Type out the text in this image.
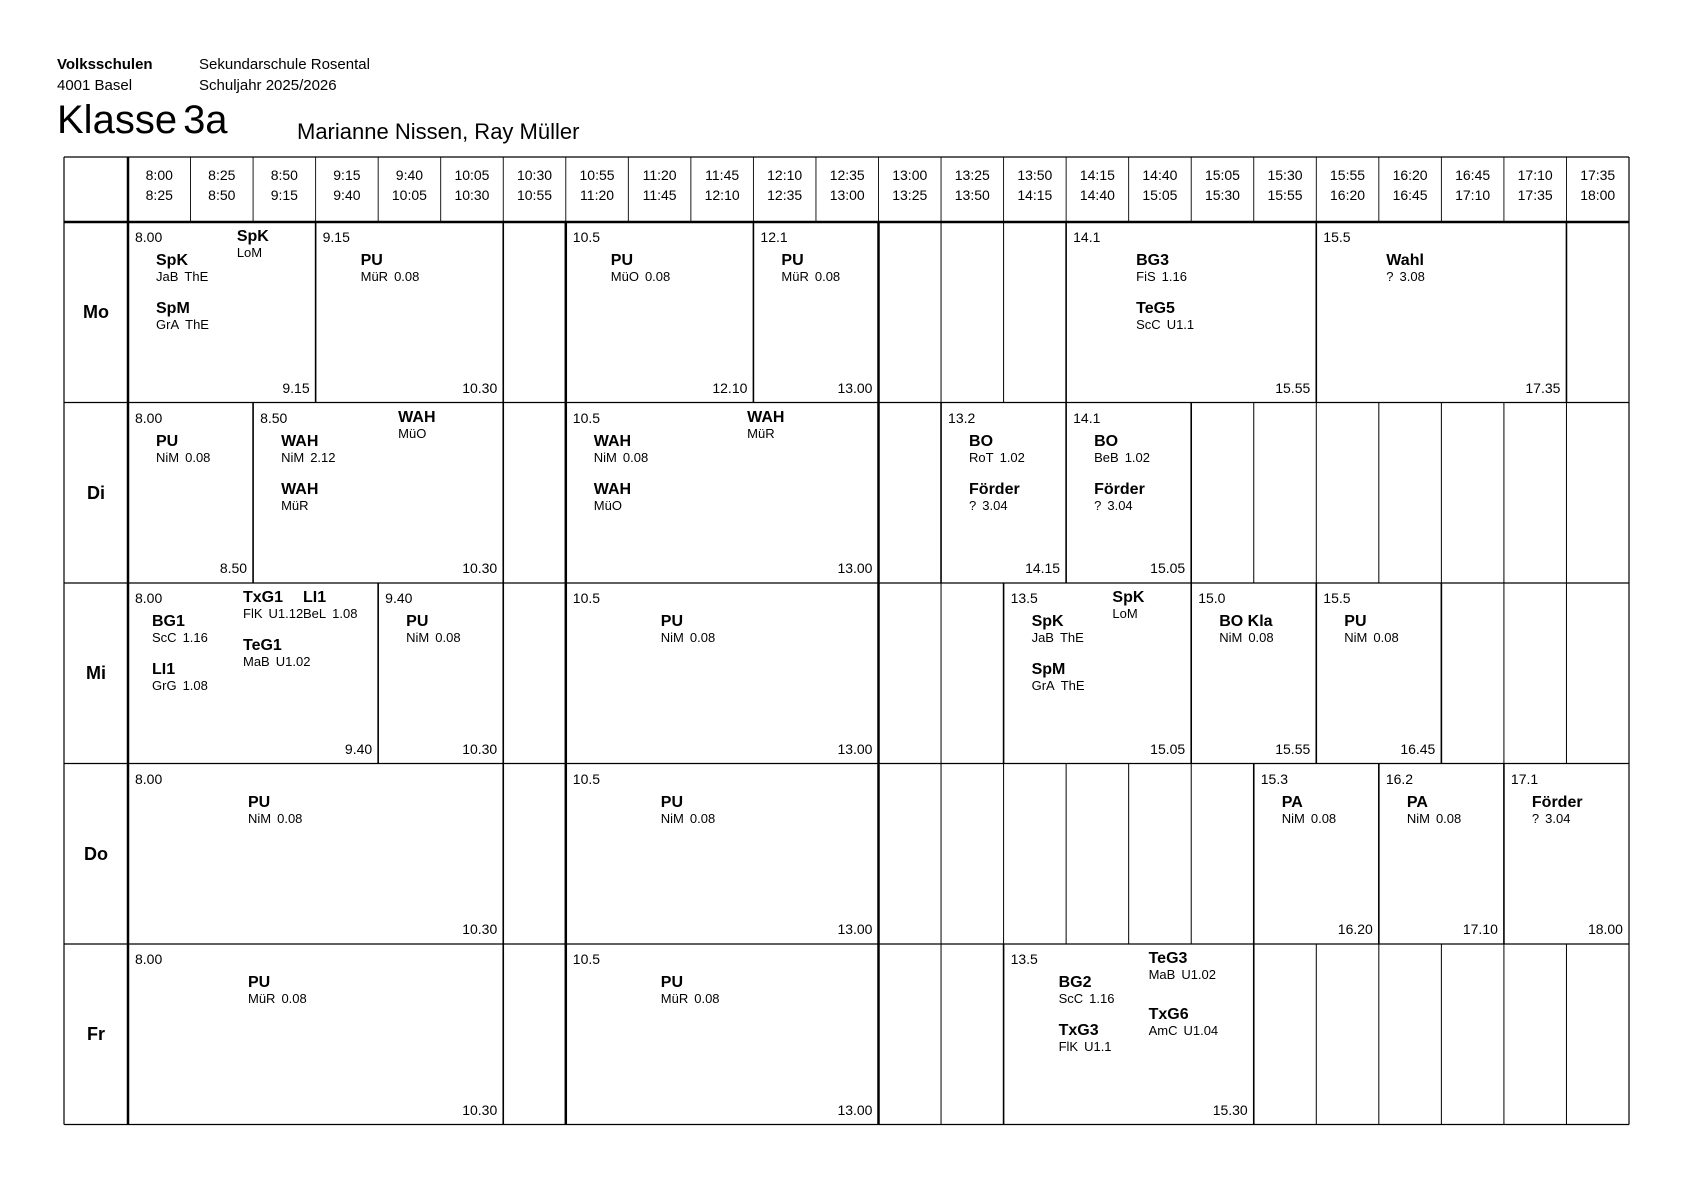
Volksschulen
4001 Basel
Sekundarschule Rosental
Schuljahr 2025/2026
Klasse 3a	Marianne Nissen, Ray Müller
8:00
8:25
8:25
8:50
8:50
9:15
9:15
9:40
9:40
10:05
10:05
10:30
10:30
10:55
10:55
11:20
11:20
11:45
11:45
12:10
12:10
12:35
12:35
13:00
13:00
13:25
13:25
13:50
13:50
14:15
14:15
14:40
14:40
15:05
15:05
15:30
15:30
15:55
15:55
16:20
16:20
16:45
16:45
17:10
17:10
17:35
17:35
18:00
Mo
8.00
9.15
SpK
JaB ThE
SpM
GrA ThE
SpK
LoM
9.15
10.30
PU
MüR 0.08
10.5
12.10
PU
MüO 0.08
12.1
13.00
PU
MüR 0.08
14.1
15.55
BG3
FiS 1.16
TeG5
ScC U1.1
15.5
17.35
Wahl
? 3.08
Di
8.00
8.50
PU
NiM 0.08
8.50
10.30
WAH
NiM 2.12
WAH
MüR
WAH
MüO
10.5
13.00
WAH
NiM 0.08
WAH
MüO
WAH
MüR
13.2
14.15
BO
RoT 1.02
Förder
? 3.04
14.1
15.05
BO
BeB 1.02
Förder
? 3.04
Mi
8.00
9.40
BG1
ScC 1.16
LI1
GrG 1.08
TxG1
FlK U1.12
LI1
BeL 1.08
TeG1
MaB U1.02
9.40
10.30
PU
NiM 0.08
10.5
13.00
PU
NiM 0.08
13.5
15.05
SpK
JaB ThE
SpM
GrA ThE
SpK
LoM
15.0
15.55
BO Kla
NiM 0.08
15.5
16.45
PU
NiM 0.08
Do
8.00
10.30
PU
NiM 0.08
10.5
13.00
PU
NiM 0.08
15.3
16.20
PA
NiM 0.08
16.2
17.10
PA
NiM 0.08
17.1
18.00
Förder
? 3.04
Fr
8.00
10.30
PU
MüR 0.08
10.5
13.00
PU
MüR 0.08
13.5
15.30
BG2
ScC 1.16
TxG3
FlK U1.1
TeG3
MaB U1.02
TxG6
AmC U1.04
